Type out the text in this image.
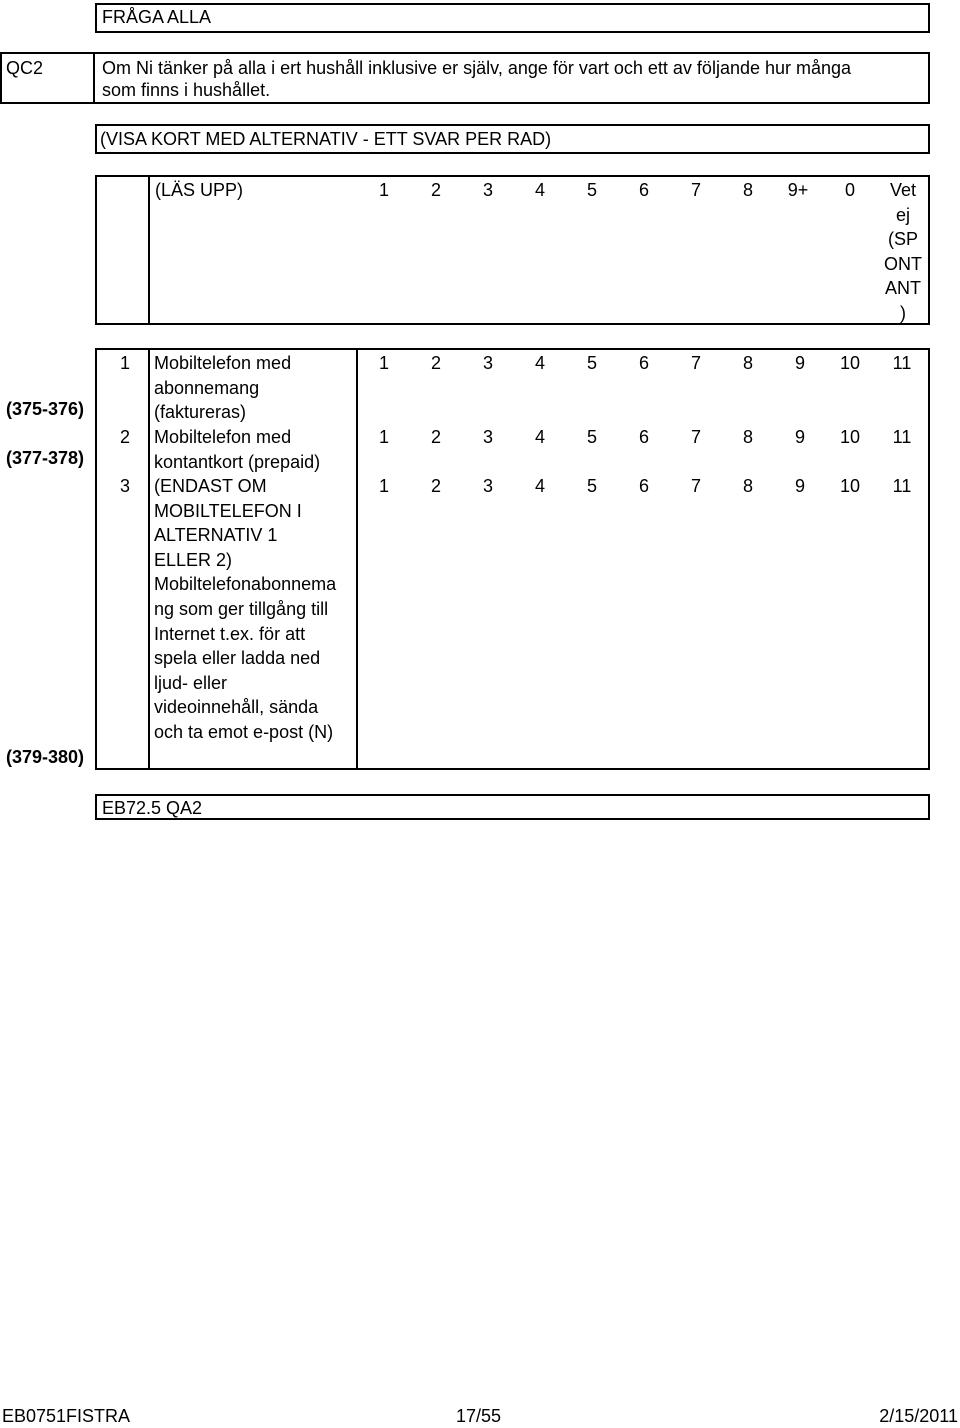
FRÅGA ALLA
QC2	Om Ni tänker på alla i ert hushåll inklusive er själv, ange för vart och ett av följande hur många
som finns i hushållet.
(VISA KORT MED ALTERNATIV - ETT SVAR PER RAD)
(LÄS UPP)	1	2	3	4	5	6	7	8	9+	0	Vet
ej
(SP
ONT
ANT
)
(375-376)
1 Mobiltelefon med
abonnemang
(faktureras)
1	2	3	4	5	6	7	8	9	10	11
(377-378)
2 Mobiltelefon med
kontantkort (prepaid)
1	2	3	4	5	6	7	8	9	10	11
(379-380)
3 (ENDAST OM
MOBILTELEFON I
ALTERNATIV 1
ELLER 2)
Mobiltelefonabonnema
ng som ger tillgång till
Internet t.ex. för att
spela eller ladda ned
ljud- eller
videoinnehåll, sända
och ta emot e-post (N)
1	2	3	4	5	6	7	8	9	10	11
EB72.5 QA2
EB0751FISTRA	17/55	2/15/2011
